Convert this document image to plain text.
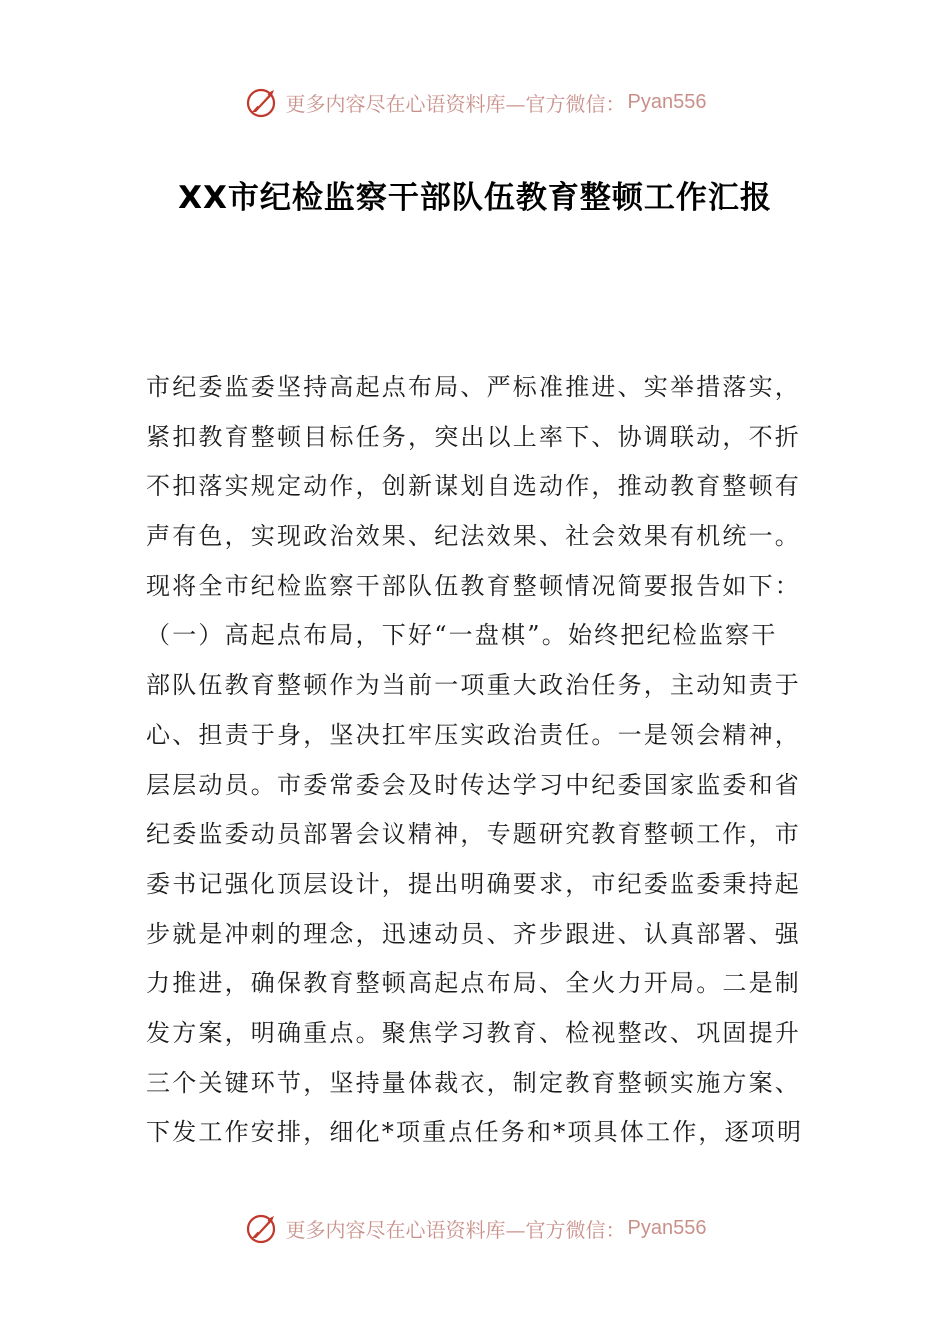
更多内容尽在心语资料库—官方微信： Pyan556
XX市纪检监察干部队伍教育整顿工作汇报
市纪委监委坚持高起点布局、严标准推进、实举措落实，
紧扣教育整顿目标任务，突出以上率下、协调联动，不折
不扣落实规定动作，创新谋划自选动作，推动教育整顿有
声有色，实现政治效果、纪法效果、社会效果有机统一。
现将全市纪检监察干部队伍教育整顿情况简要报告如下：
（一）高起点布局，下好“一盘棋”。始终把纪检监察干
部队伍教育整顿作为当前一项重大政治任务，主动知责于
心、担责于身，坚决扛牢压实政治责任。一是领会精神，
层层动员。市委常委会及时传达学习中纪委国家监委和省
纪委监委动员部署会议精神，专题研究教育整顿工作，市
委书记强化顶层设计，提出明确要求，市纪委监委秉持起
步就是冲刺的理念，迅速动员、齐步跟进、认真部署、强
力推进，确保教育整顿高起点布局、全火力开局。二是制
发方案，明确重点。聚焦学习教育、检视整改、巩固提升
三个关键环节，坚持量体裁衣，制定教育整顿实施方案、
下发工作安排，细化*项重点任务和*项具体工作，逐项明
更多内容尽在心语资料库—官方微信： Pyan556
